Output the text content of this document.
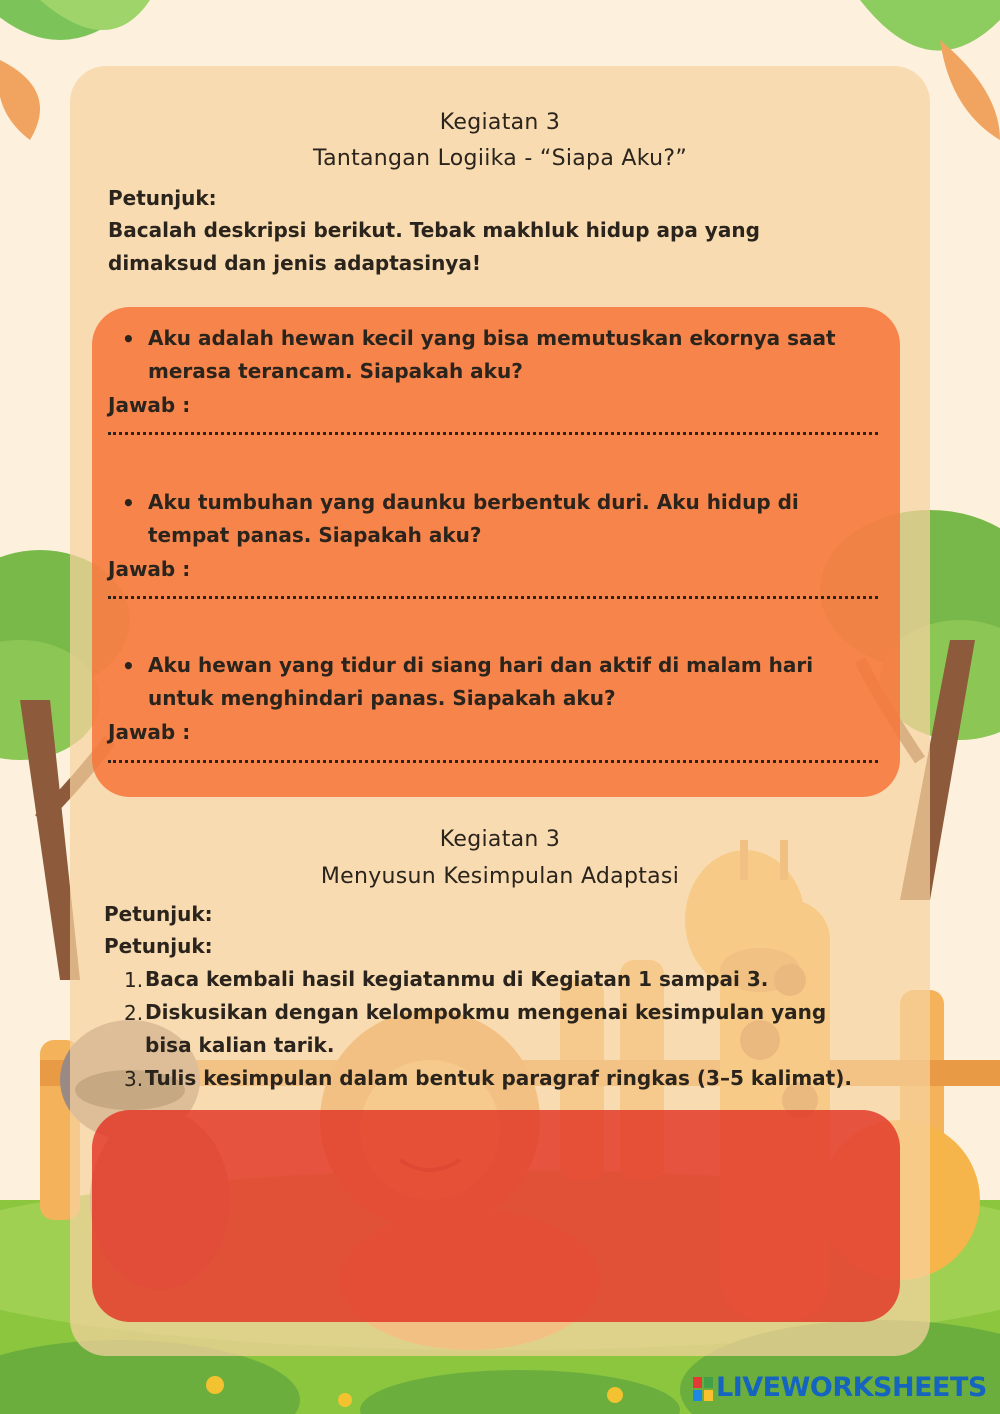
Kegiatan 3
Tantangan Logiika - “Siapa Aku?”
Petunjuk:
Bacalah deskripsi berikut. Tebak makhluk hidup apa yang dimaksud dan jenis adaptasinya!
• Aku adalah hewan kecil yang bisa memutuskan ekornya saat merasa terancam. Siapakah aku?
Jawab :
• Aku tumbuhan yang daunku berbentuk duri. Aku hidup di tempat panas. Siapakah aku?
Jawab :
• Aku hewan yang tidur di siang hari dan aktif di malam hari untuk menghindari panas. Siapakah aku?
Jawab :
Kegiatan 3
Menyusun Kesimpulan Adaptasi
Petunjuk:
Petunjuk:
1. Baca kembali hasil kegiatanmu di Kegiatan 1 sampai 3.
2. Diskusikan dengan kelompokmu mengenai kesimpulan yang bisa kalian tarik.
3. Tulis kesimpulan dalam bentuk paragraf ringkas (3–5 kalimat).
LIVEWORKSHEETS
